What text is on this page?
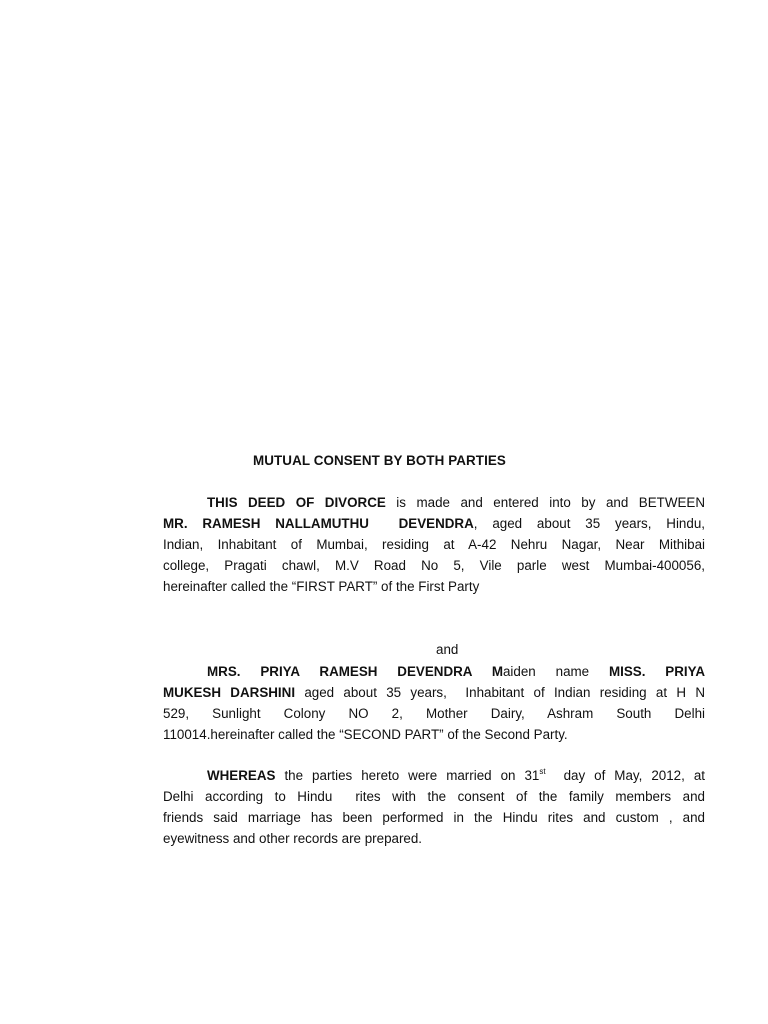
MUTUAL CONSENT BY BOTH PARTIES

THIS DEED OF DIVORCE is made and entered into by and BETWEEN
MR. RAMESH NALLAMUTHU  DEVENDRA, aged about 35 years, Hindu,
Indian, Inhabitant of Mumbai, residing at A-42 Nehru Nagar, Near Mithibai
college, Pragati chawl, M.V Road No 5, Vile parle west Mumbai-400056,
hereinafter called the “FIRST PART” of the First Party

and

MRS. PRIYA RAMESH DEVENDRA Maiden name MISS. PRIYA
MUKESH DARSHINI aged about 35 years,  Inhabitant of Indian residing at H N
529, Sunlight Colony NO 2, Mother Dairy, Ashram South Delhi
110014.hereinafter called the “SECOND PART” of the Second Party.
WHEREAS the parties hereto were married on 31st  day of May, 2012, at
Delhi according to Hindu  rites with the consent of the family members and
friends said marriage has been performed in the Hindu rites and custom , and
eyewitness and other records are prepared.
